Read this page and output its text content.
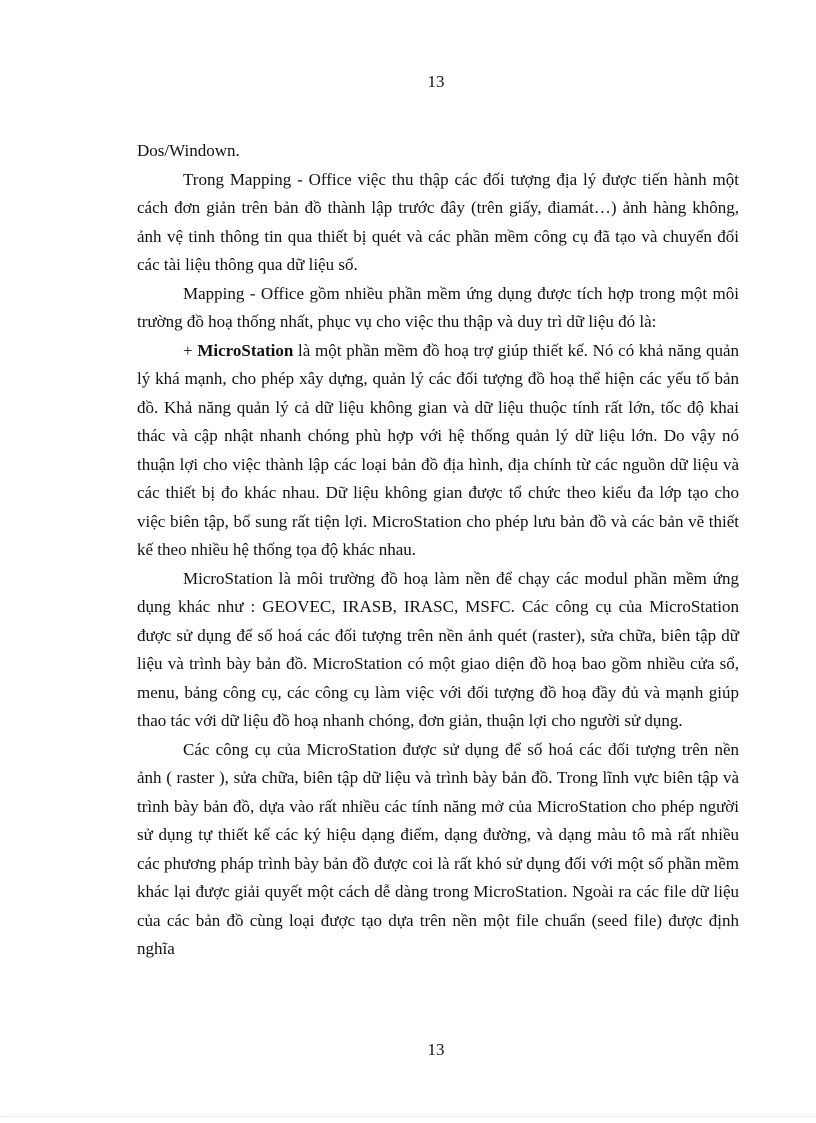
13

Dos/Windown.

Trong Mapping - Office việc thu thập các đối tượng địa lý được tiến hành một cách đơn giản trên bản đồ thành lập trước đây (trên giấy, điamát…) ảnh hàng không, ảnh vệ tinh thông tin qua thiết bị quét và các phần mềm công cụ đã tạo và chuyển đổi các tài liệu thông qua dữ liệu số.

Mapping - Office gồm nhiều phần mềm ứng dụng được tích hợp trong một môi trường đồ hoạ thống nhất, phục vụ cho việc thu thập và duy trì dữ liệu đó là:

+ MicroStation là một phần mềm đồ hoạ trợ giúp thiết kế. Nó có khả năng quản lý khá mạnh, cho phép xây dựng, quản lý các đối tượng đồ hoạ thể hiện các yếu tố bản đồ. Khả năng quản lý cả dữ liệu không gian và dữ liệu thuộc tính rất lớn, tốc độ khai thác và cập nhật nhanh chóng phù hợp với hệ thống quản lý dữ liệu lớn. Do vậy nó thuận lợi cho việc thành lập các loại bản đồ địa hình, địa chính từ các nguồn dữ liệu và các thiết bị đo khác nhau. Dữ liệu không gian được tổ chức theo kiểu đa lớp tạo cho việc biên tập, bổ sung rất tiện lợi. MicroStation cho phép lưu bản đồ và các bản vẽ thiết kế theo nhiều hệ thống tọa độ khác nhau.

MicroStation là môi trường đồ hoạ làm nền để chạy các modul phần mềm ứng dụng khác như : GEOVEC, IRASB, IRASC, MSFC. Các công cụ của MicroStation được sử dụng để số hoá các đối tượng trên nền ảnh quét (raster), sửa chữa, biên tập dữ liệu và trình bày bản đồ. MicroStation có một giao diện đồ hoạ bao gồm nhiều cửa sổ, menu, bảng công cụ, các công cụ làm việc với đối tượng đồ hoạ đầy đủ và mạnh giúp thao tác với dữ liệu đồ hoạ nhanh chóng, đơn giản, thuận lợi cho người sử dụng.

Các công cụ của MicroStation được sử dụng để số hoá các đối tượng trên nền ảnh ( raster ), sửa chữa, biên tập dữ liệu và trình bày bản đồ. Trong lĩnh vực biên tập và trình bày bản đồ, dựa vào rất nhiều các tính năng mở của MicroStation cho phép người sử dụng tự thiết kế các ký hiệu dạng điểm, dạng đường, và dạng màu tô mà rất nhiều các phương pháp trình bày bản đồ được coi là rất khó sử dụng đối với một số phần mềm khác lại được giải quyết một cách dễ dàng trong MicroStation. Ngoài ra các file dữ liệu của các bản đồ cùng loại được tạo dựa trên nền một file chuẩn (seed file) được định nghĩa

13
